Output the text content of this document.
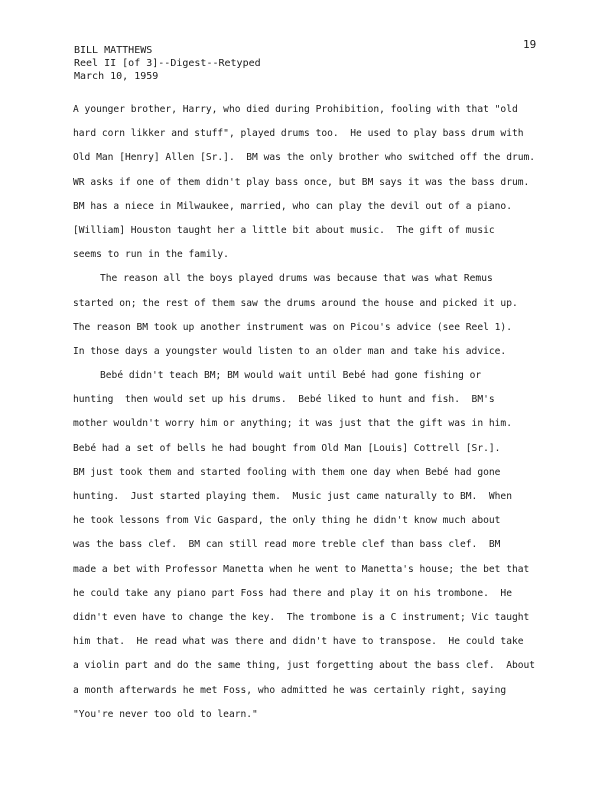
BILL MATTHEWS
Reel II [of 3]--Digest--Retyped
March 10, 1959
19
A younger brother, Harry, who died during Prohibition, fooling with that "old
hard corn likker and stuff", played drums too.  He used to play bass drum with
Old Man [Henry] Allen [Sr.].  BM was the only brother who switched off the drum.
WR asks if one of them didn't play bass once, but BM says it was the bass drum.
BM has a niece in Milwaukee, married, who can play the devil out of a piano.
[William] Houston taught her a little bit about music.  The gift of music
seems to run in the family.
The reason all the boys played drums was because that was what Remus
started on; the rest of them saw the drums around the house and picked it up.
The reason BM took up another instrument was on Picou's advice (see Reel 1).
In those days a youngster would listen to an older man and take his advice.
Bebé didn't teach BM; BM would wait until Bebé had gone fishing or
hunting  then would set up his drums.  Bebé liked to hunt and fish.  BM's
mother wouldn't worry him or anything; it was just that the gift was in him.
Bebé had a set of bells he had bought from Old Man [Louis] Cottrell [Sr.].
BM just took them and started fooling with them one day when Bebé had gone
hunting.  Just started playing them.  Music just came naturally to BM.  When
he took lessons from Vic Gaspard, the only thing he didn't know much about
was the bass clef.  BM can still read more treble clef than bass clef.  BM
made a bet with Professor Manetta when he went to Manetta's house; the bet that
he could take any piano part Foss had there and play it on his trombone.  He
didn't even have to change the key.  The trombone is a C instrument; Vic taught
him that.  He read what was there and didn't have to transpose.  He could take
a violin part and do the same thing, just forgetting about the bass clef.  About
a month afterwards he met Foss, who admitted he was certainly right, saying
"You're never too old to learn."
